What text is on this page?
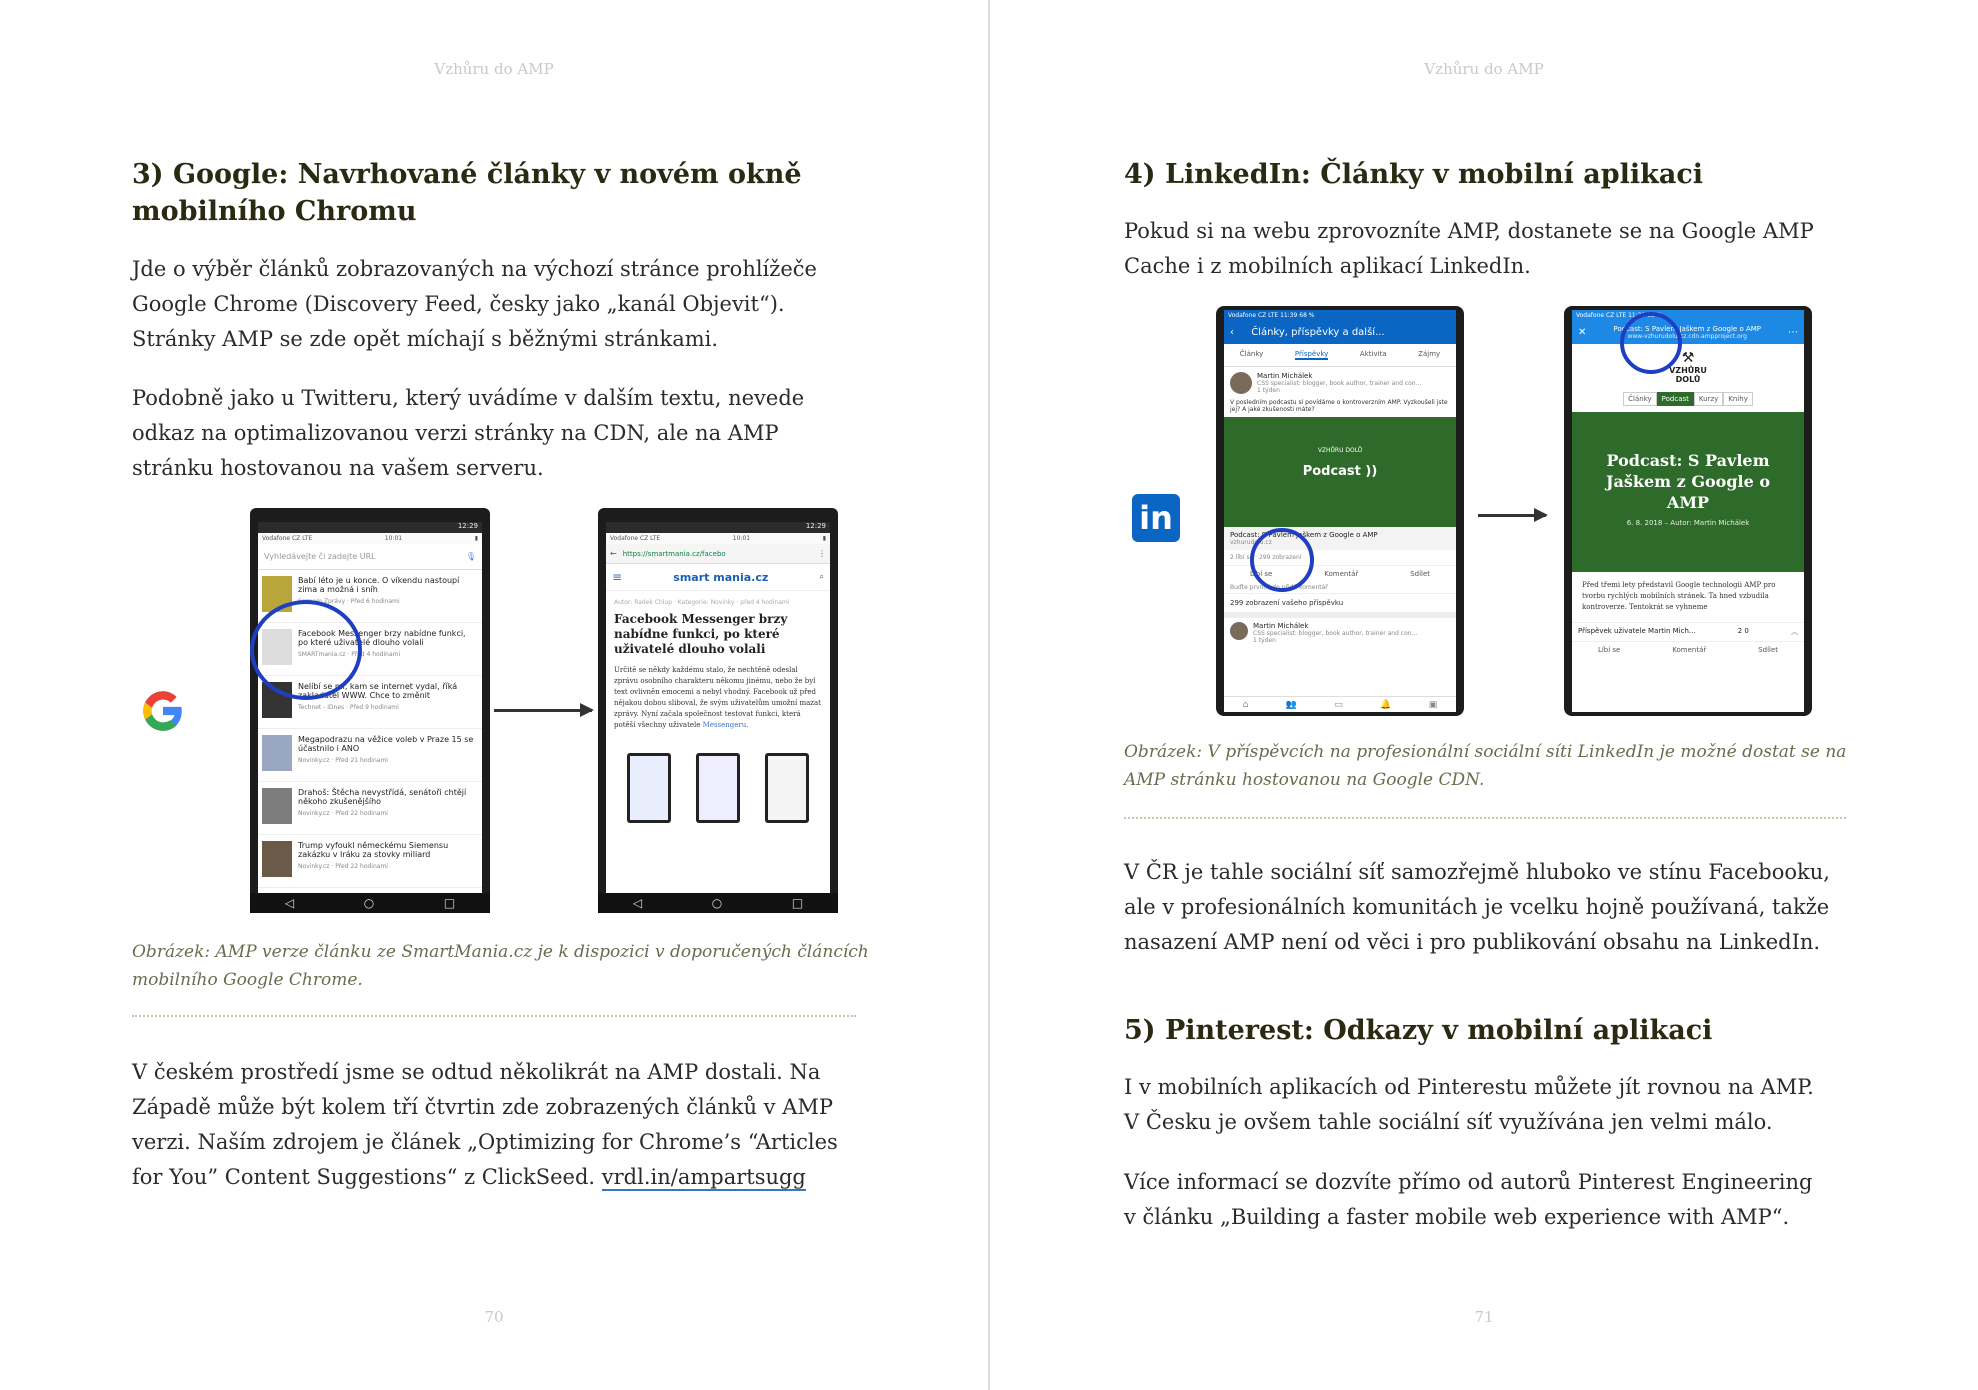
Vzhůru do AMP
3) Google: Navrhované články v novém okně
mobilního Chromu

Jde o výběr článků zobrazovaných na výchozí stránce prohlížeče
Google Chrome (Discovery Feed, česky jako „kanál Objevit“).
Stránky AMP se zde opět míchají s běžnými stránkami.

Podobně jako u Twitteru, který uvádíme v dalším textu, nevede
odkaz na optimalizovanou verzi stránky na CDN, ale na AMP
stránku hostovanou na vašem serveru.

12:29
Vodafone CZ LTE	10:01	▮
Vyhledávejte či zadejte URL	🎙
Babí léto je u konce. O víkendu nastoupí zima a možná i sníh
Seznam Zprávy · Před 6 hodinami
Facebook Messenger brzy nabídne funkci, po které uživatelé dlouho volali
SMARTmania.cz · Před 4 hodinami
Nelíbí se mi, kam se internet vydal, říká zakladatel WWW. Chce to změnit
Technet - iDnes · Před 9 hodinami
Megapodrazu na věžice voleb v Praze 15 se účastnilo i ANO
Novinky.cz · Před 21 hodinami
Drahoš: Štěcha nevystřídá, senátoři chtějí někoho zkušenějšího
Novinky.cz · Před 22 hodinami
Trump vyfoukl německému Siemensu zakázku v Iráku za stovky miliard
Novinky.cz · Před 22 hodinami
◁	○	□
12:29
Vodafone CZ LTE	10:01	▮
← https://smartmania.cz/facebo	⋮
≡	smart mania.cz	⌕
Autor: Radek Chlup · Kategorie: Novinky · před 4 hodinami
Facebook Messenger brzy nabídne funkci, po které uživatelé dlouho volali
Určitě se někdy každému stalo, že nechtěně odeslal zprávu osobního charakteru někomu jinému, nebo že byl text ovlivněn emocemi a nebyl vhodný. Facebook už před nějakou dobou sliboval, že svým uživatelům umožní mazat zprávy. Nyní začala společnost testovat funkci, která potěší všechny uživatele Messengeru.
◁	○	□

Obrázek: AMP verze článku ze SmartMania.cz je k dispozici v doporučených článcích
mobilního Google Chrome.

V českém prostředí jsme se odtud několikrát na AMP dostali. Na
Západě může být kolem tří čtvrtin zde zobrazených článků v AMP
verzi. Naším zdrojem je článek „Optimizing for Chrome’s “Articles
for You” Content Suggestions“ z ClickSeed. vrdl.in/ampartsugg

70
Vzhůru do AMP
4) LinkedIn: Články v mobilní aplikaci

Pokud si na webu zprovozníte AMP, dostanete se na Google AMP
Cache i z mobilních aplikací LinkedIn.

in
Vodafone CZ LTE 11:39 68 %
‹ Články, příspěvky a další...
Články	Příspěvky	Aktivita	Zájmy
Martin Michálek
CSS specialist: blogger, book author, trainer and con...
1 týden
V posledním podcastu si povídáme o kontroverzním AMP. Vyzkoušeli jste jej? A jaké zkušenosti máte?
VZHŮRU DOLŮ
Podcast ))
Podcast: S Pavlem Jaškem z Google o AMP
vzhurudolu.cz
2 líbí se · 299 zobrazení
Líbí se	Komentář	Sdílet
Buďte první, kdo přidá komentář
299 zobrazení vašeho příspěvku
Martin Michálek
CSS specialist: blogger, book author, trainer and con...
1 týden
⌂	👥	▭	🔔	▣
Vodafone CZ LTE 11:39 68 %
✕	Podcast: S Pavlem Jaškem z Google o AMP
www-vzhurudolu-cz.cdn.ampproject.org	⋯
⚒
VZHŮRU DOLŮ
Články	Podcast	Kurzy	Knihy
Podcast: S Pavlem Jaškem z Google o AMP
6. 8. 2018 – Autor: Martin Michálek
Před třemi lety představil Google technologii AMP pro tvorbu rychlých mobilních stránek. Ta hned vzbudila kontroverze. Tentokrát se vyhneme
Příspěvek uživatele Martin Mich...	2 0	︿
Líbí se	Komentář	Sdílet

Obrázek: V příspěvcích na profesionální sociální síti LinkedIn je možné dostat se na
AMP stránku hostovanou na Google CDN.

V ČR je tahle sociální síť samozřejmě hluboko ve stínu Facebooku,
ale v profesionálních komunitách je vcelku hojně používaná, takže
nasazení AMP není od věci i pro publikování obsahu na LinkedIn.

5) Pinterest: Odkazy v mobilní aplikaci

I v mobilních aplikacích od Pinterestu můžete jít rovnou na AMP.
V Česku je ovšem tahle sociální síť využívána jen velmi málo.

Více informací se dozvíte přímo od autorů Pinterest Engineering
v článku „Building a faster mobile web experience with AMP“.

71
